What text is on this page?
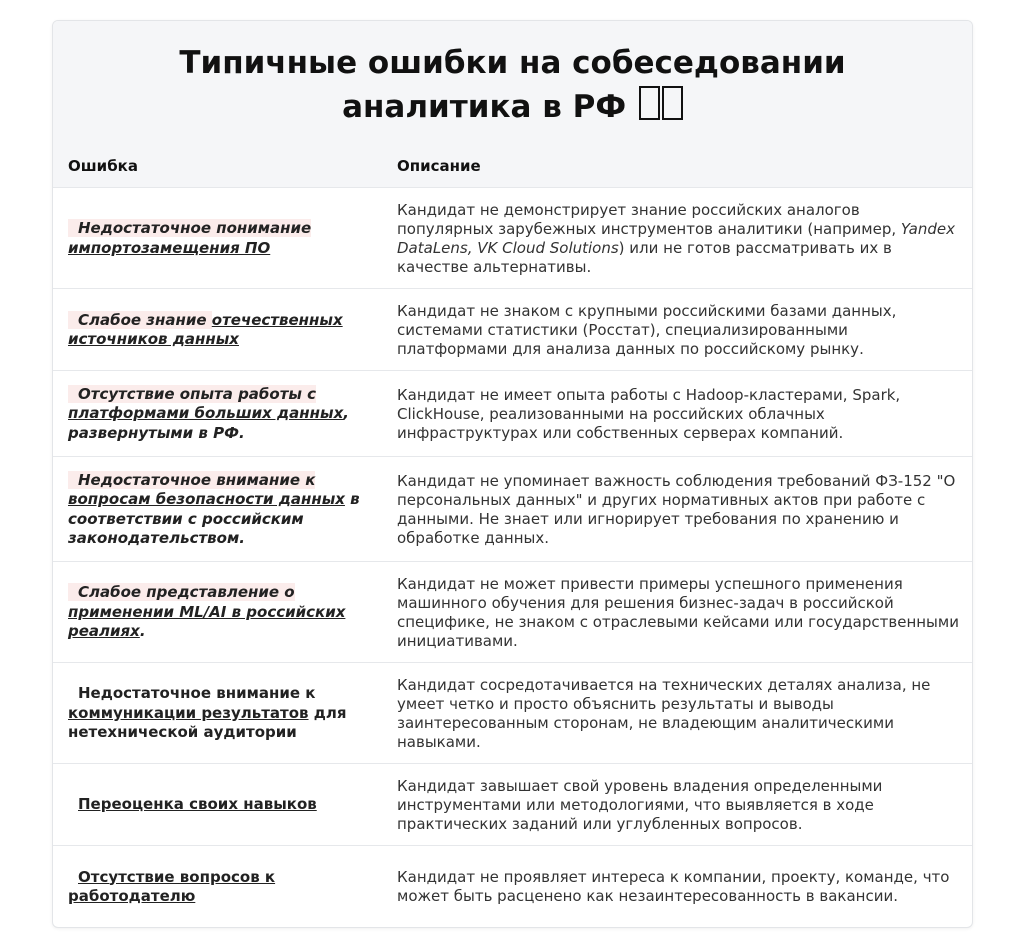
Типичные ошибки на собеседовании
аналитика в РФ
Ошибка	Описание
Недостаточное понимание
импортозамещения ПО
Кандидат не демонстрирует знание российских аналогов популярных зарубежных инструментов аналитики (например, Yandex DataLens, VK Cloud Solutions) или не готов рассматривать их в качестве альтернативы.
Слабое знание отечественных источников данных
Кандидат не знаком с крупными российскими базами данных, системами статистики (Росстат), специализированными платформами для анализа данных по российскому рынку.
Отсутствие опыта работы с платформами больших данных, развернутыми в РФ.
Кандидат не имеет опыта работы с Hadoop-кластерами, Spark, ClickHouse, реализованными на российских облачных инфраструктурах или собственных серверах компаний.
Недостаточное внимание к вопросам безопасности данных в соответствии с российским законодательством.
Кандидат не упоминает важность соблюдения требований ФЗ-152 "О персональных данных" и других нормативных актов при работе с данными. Не знает или игнорирует требования по хранению и обработке данных.
Слабое представление о применении ML/AI в российских реалиях.
Кандидат не может привести примеры успешного применения машинного обучения для решения бизнес-задач в российской специфике, не знаком с отраслевыми кейсами или государственными инициативами.
Недостаточное внимание к коммуникации результатов для нетехнической аудитории
Кандидат сосредотачивается на технических деталях анализа, не умеет четко и просто объяснить результаты и выводы заинтересованным сторонам, не владеющим аналитическими навыками.
Переоценка своих навыков
Кандидат завышает свой уровень владения определенными инструментами или методологиями, что выявляется в ходе практических заданий или углубленных вопросов.
Отсутствие вопросов к работодателю
Кандидат не проявляет интереса к компании, проекту, команде, что может быть расценено как незаинтересованность в вакансии.
